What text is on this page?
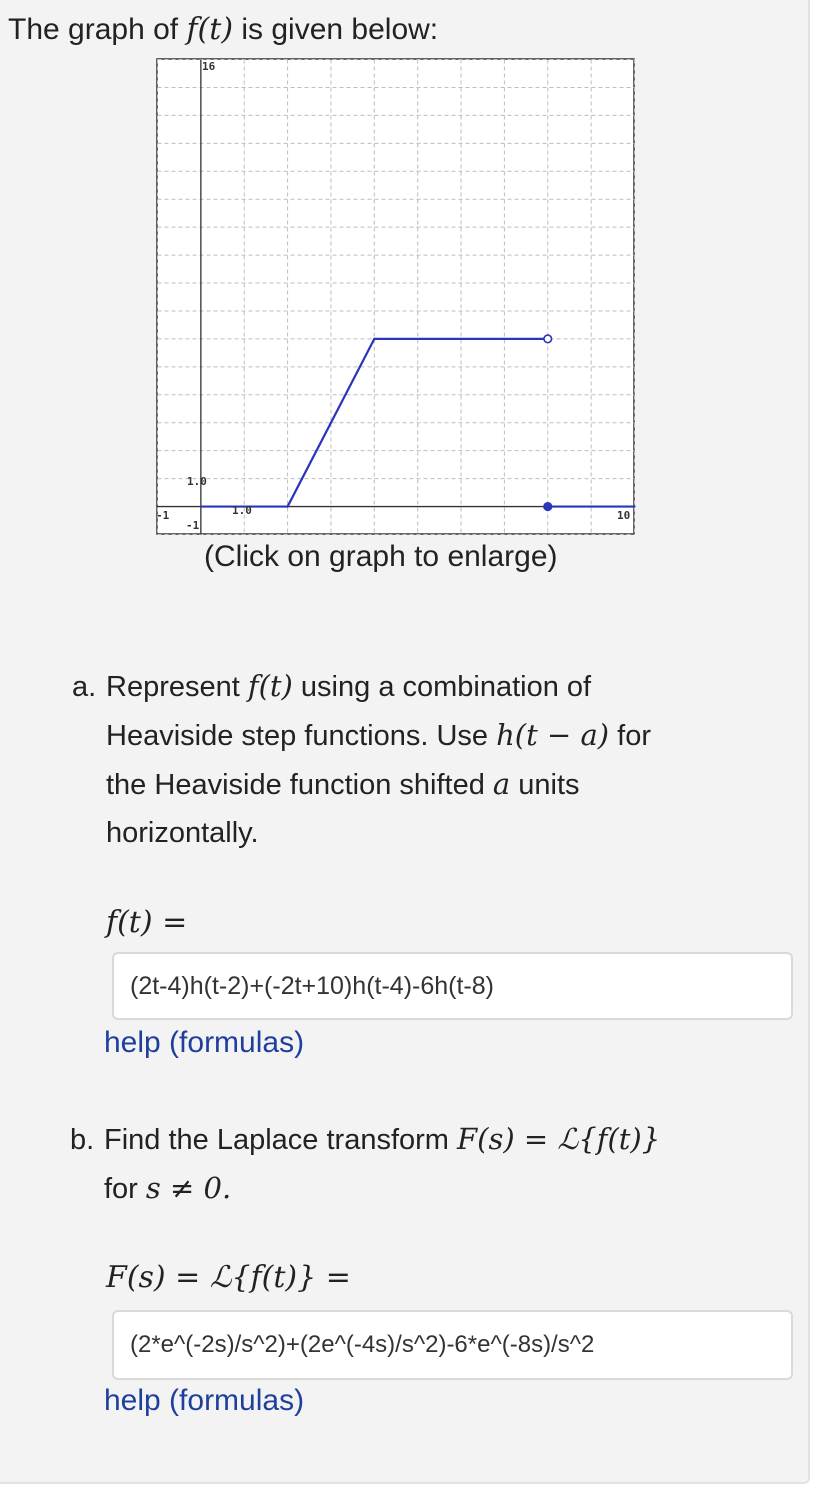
The graph of f(t) is given below:
16
1.0
-1
-1	1.0	10
(Click on graph to enlarge)
a. Represent f(t) using a combination of
Heaviside step functions. Use h(t − a) for
the Heaviside function shifted a units
horizontally.
f(t) =
(2t-4)h(t-2)+(-2t+10)h(t-4)-6h(t-8)
help (formulas)
b. Find the Laplace transform F(s) = ℒ{f(t)}
for s ≠ 0.
F(s) = ℒ{f(t)} =
(2*e^(-2s)/s^2)+(2e^(-4s)/s^2)-6*e^(-8s)/s^2
help (formulas)
